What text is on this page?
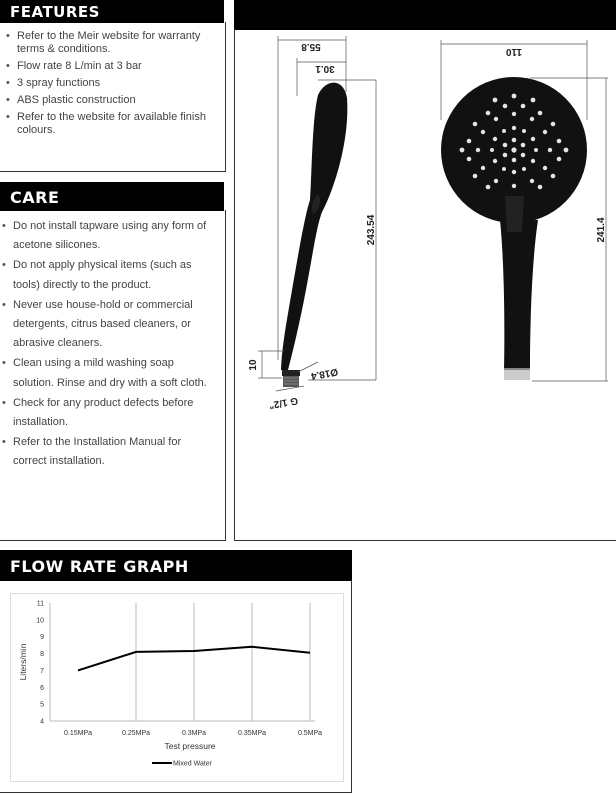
FEATURES
• Refer to the Meir website for warranty terms & conditions.
• Flow rate 8 L/min at 3 bar
• 3 spray functions
• ABS plastic construction
• Refer to the website for available finish colours.
CARE
• Do not install tapware using any form of acetone silicones.
• Do not apply physical items (such as tools) directly to the product.
• Never use house-hold or commercial detergents, citrus based cleaners, or abrasive cleaners.
• Clean using a mild washing soap solution. Rinse and dry with a soft cloth.
• Check for any product defects before installation.
• Refer to the Installation Manual for correct installation.
55.8
30.1
243.54
10
Ø18.4
G 1/2"
110
241.4
FLOW RATE GRAPH
4
5
6
7
8
9
10
11
0.15MPa	0.25MPa	0.3MPa	0.35MPa	0.5MPa
Liters/min
Test pressure
Mixed Water
